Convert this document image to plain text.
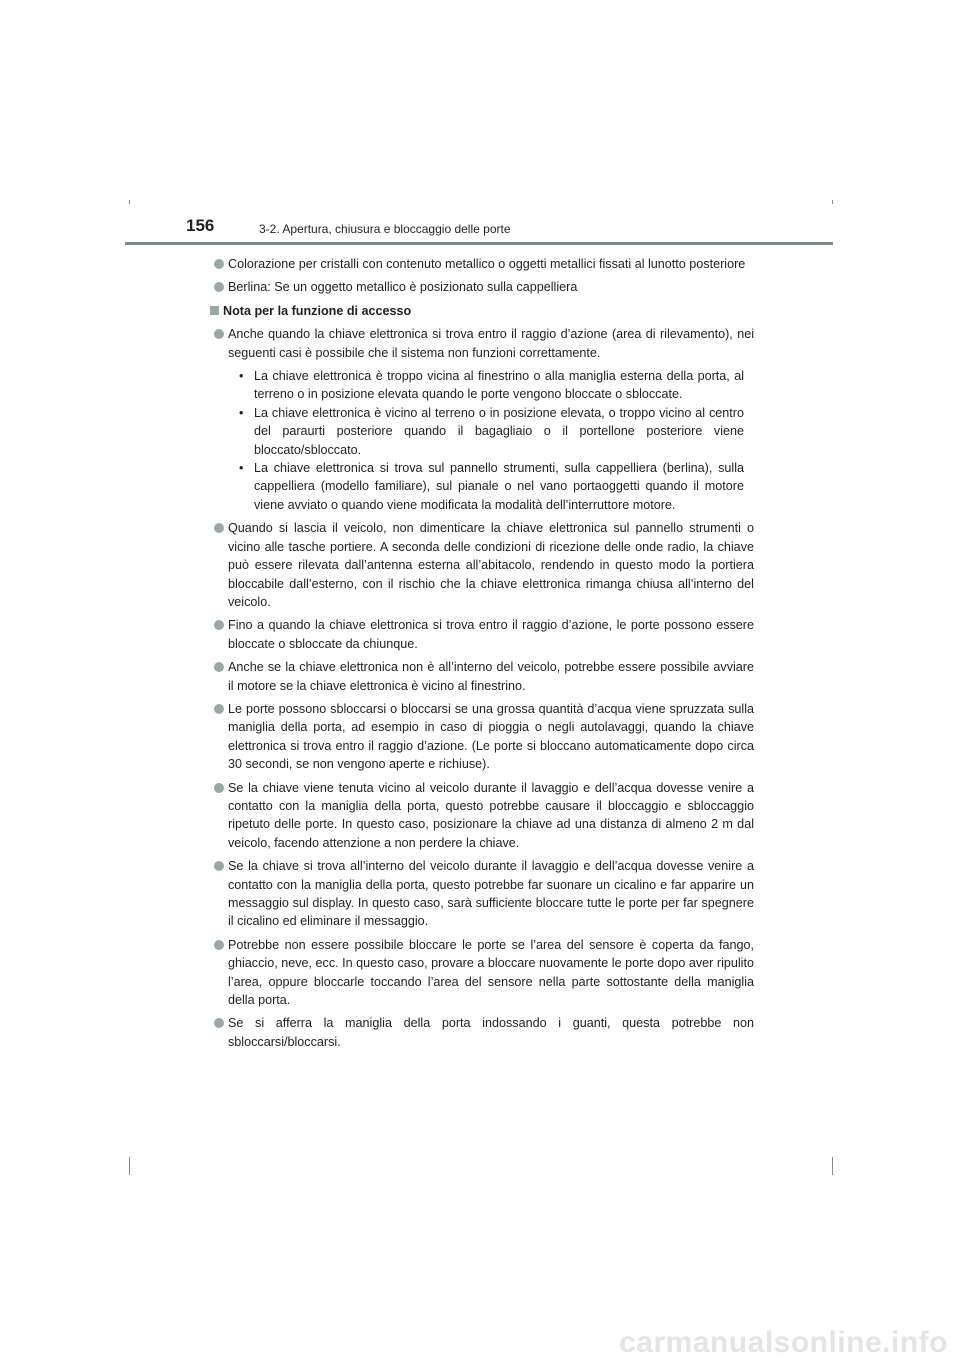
156	3-2. Apertura, chiusura e bloccaggio delle porte

Colorazione per cristalli con contenuto metallico o oggetti metallici fissati al lunotto posteriore

Berlina: Se un oggetto metallico è posizionato sulla cappelliera

Nota per la funzione di accesso

Anche quando la chiave elettronica si trova entro il raggio d’azione (area di rilevamento), nei seguenti casi è possibile che il sistema non funzioni correttamente.

• La chiave elettronica è troppo vicina al finestrino o alla maniglia esterna della porta, al terreno o in posizione elevata quando le porte vengono bloccate o sbloccate.

• La chiave elettronica è vicino al terreno o in posizione elevata, o troppo vicino al centro del paraurti posteriore quando il bagagliaio o il portellone posteriore viene bloccato/sbloccato.

• La chiave elettronica si trova sul pannello strumenti, sulla cappelliera (berlina), sulla cappelliera (modello familiare), sul pianale o nel vano portaoggetti quando il motore viene avviato o quando viene modificata la modalità dell’interruttore motore.

Quando si lascia il veicolo, non dimenticare la chiave elettronica sul pannello strumenti o vicino alle tasche portiere. A seconda delle condizioni di ricezione delle onde radio, la chiave può essere rilevata dall’antenna esterna all’abitacolo, rendendo in questo modo la portiera bloccabile dall’esterno, con il rischio che la chiave elettronica rimanga chiusa all’interno del veicolo.

Fino a quando la chiave elettronica si trova entro il raggio d’azione, le porte possono essere bloccate o sbloccate da chiunque.

Anche se la chiave elettronica non è all’interno del veicolo, potrebbe essere possibile avviare il motore se la chiave elettronica è vicino al finestrino.

Le porte possono sbloccarsi o bloccarsi se una grossa quantità d’acqua viene spruzzata sulla maniglia della porta, ad esempio in caso di pioggia o negli autolavaggi, quando la chiave elettronica si trova entro il raggio d’azione. (Le porte si bloccano automaticamente dopo circa 30 secondi, se non vengono aperte e richiuse).

Se la chiave viene tenuta vicino al veicolo durante il lavaggio e dell’acqua dovesse venire a contatto con la maniglia della porta, questo potrebbe causare il bloccaggio e sbloccaggio ripetuto delle porte. In questo caso, posizionare la chiave ad una distanza di almeno 2 m dal veicolo, facendo attenzione a non perdere la chiave.

Se la chiave si trova all’interno del veicolo durante il lavaggio e dell’acqua dovesse venire a contatto con la maniglia della porta, questo potrebbe far suonare un cicalino e far apparire un messaggio sul display. In questo caso, sarà sufficiente bloccare tutte le porte per far spegnere il cicalino ed eliminare il messaggio.

Potrebbe non essere possibile bloccare le porte se l’area del sensore è coperta da fango, ghiaccio, neve, ecc. In questo caso, provare a bloccare nuovamente le porte dopo aver ripulito l’area, oppure bloccarle toccando l’area del sensore nella parte sottostante della maniglia della porta.

Se si afferra la maniglia della porta indossando i guanti, questa potrebbe non sbloccarsi/bloccarsi.

carmanualsonline.info
